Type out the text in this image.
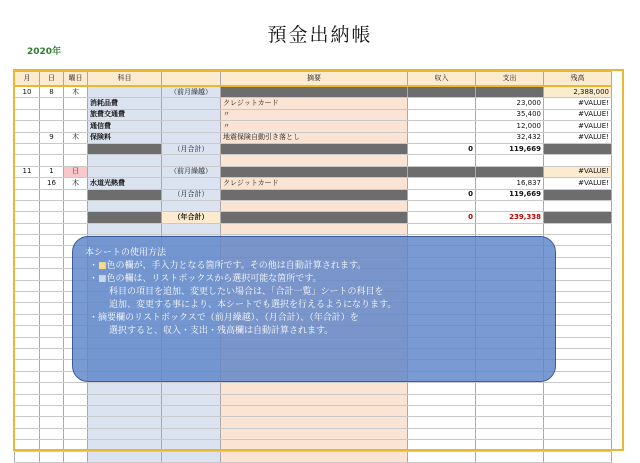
預金出納帳
2020年
月	日	曜日	科目		摘要	収入	支出	残高
10	8	木		（前月繰越）				2,388,000
			消耗品費		クレジットカード		23,000	#VALUE!
			旅費交通費		〃		35,400	#VALUE!
			通信費		〃		12,000	#VALUE!
	9	木	保険料		地震保険自動引き落とし		32,432	#VALUE!
				（月合計）		0	119,669	

11	1	日		（前月繰越）				#VALUE!
	16	木	水道光熱費		クレジットカード		16,837	#VALUE!
				（月合計）		0	119,669	

				（年合計）		0	239,338	

本シートの使用方法
・■色の欄が、手入力となる箇所です。その他は自動計算されます。
・■色の欄は、リストボックスから選択可能な箇所です。
科目の項目を追加、変更したい場合は、「合計一覧」シートの科目を
追加、変更する事により、本シートでも選択を行えるようになります。
・摘要欄のリストボックスで（前月繰越）、（月合計）、（年合計）を
選択すると、収入・支出・残高欄は自動計算されます。
